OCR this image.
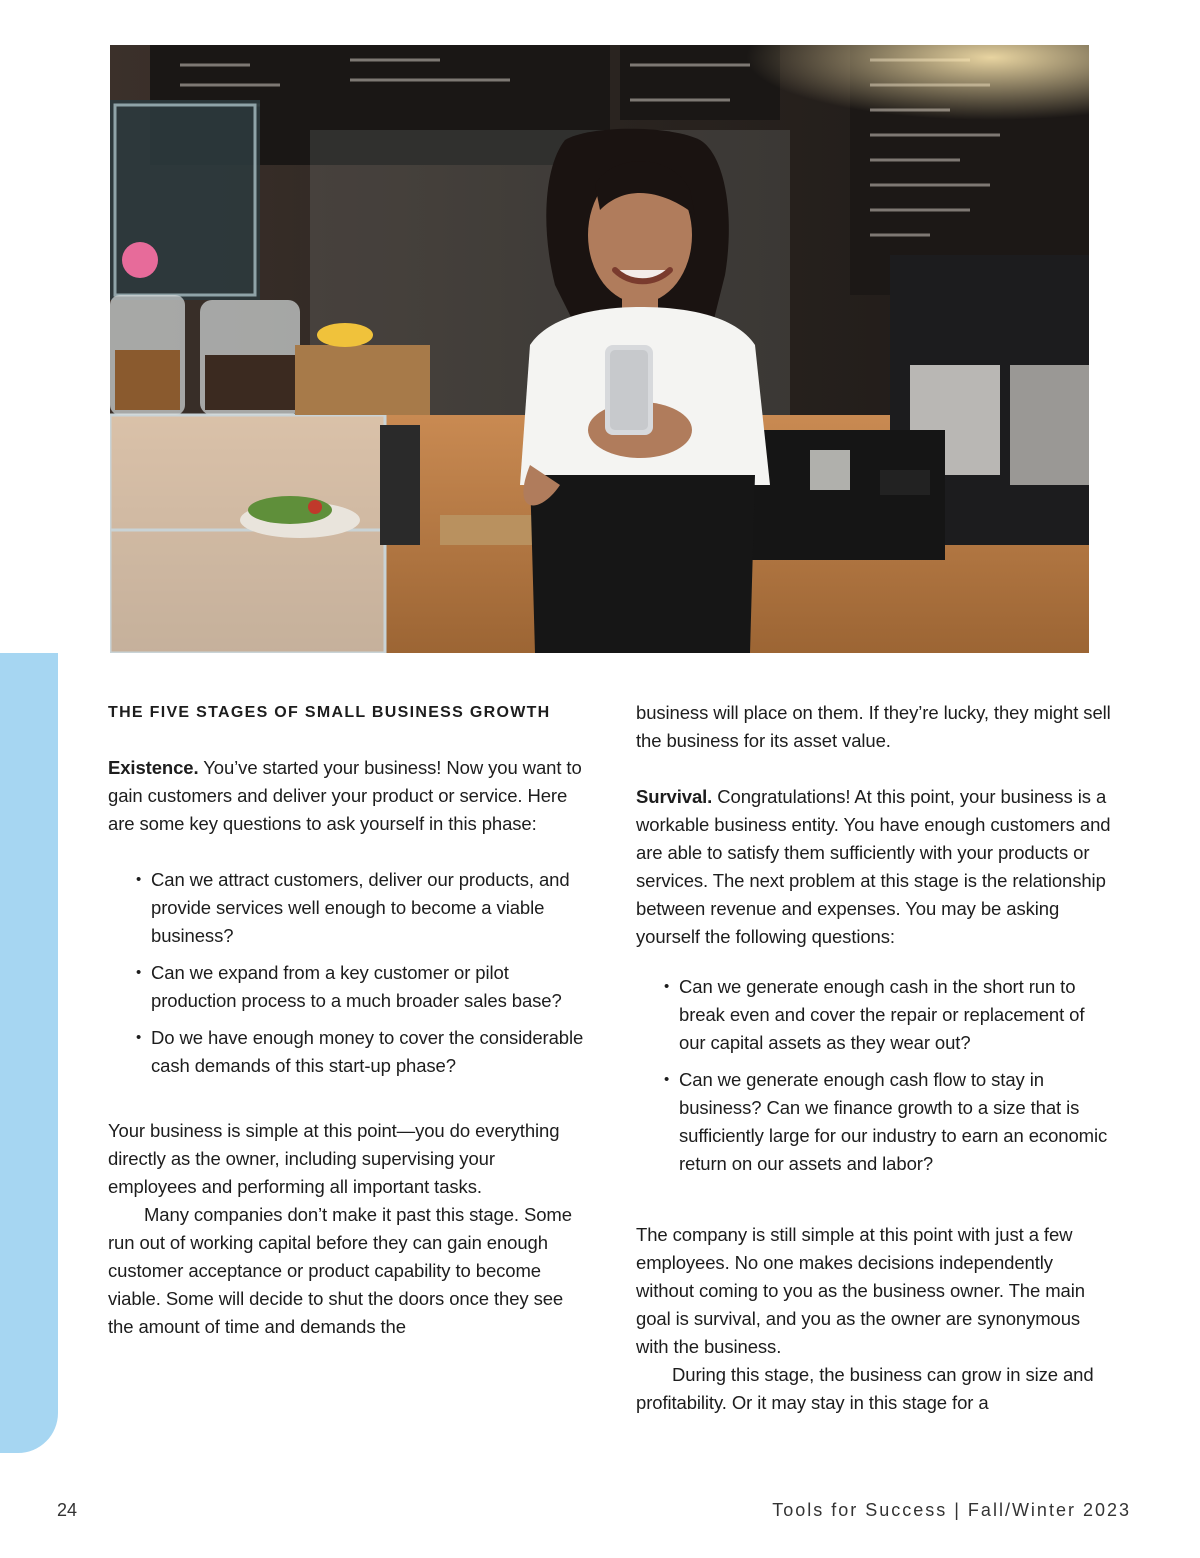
THE FIVE STAGES OF SMALL BUSINESS GROWTH

Existence. You’ve started your business! Now you want to gain customers and deliver your product or service. Here are some key questions to ask yourself in this phase:

• Can we attract customers, deliver our products, and provide services well enough to become a viable business?
• Can we expand from a key customer or pilot production process to a much broader sales base?
• Do we have enough money to cover the considerable cash demands of this start-up phase?

Your business is simple at this point—you do everything directly as the owner, including supervising your employees and performing all important tasks.

Many companies don’t make it past this stage. Some run out of working capital before they can gain enough customer acceptance or product capability to become viable. Some will decide to shut the doors once they see the amount of time and demands the

business will place on them. If they’re lucky, they might sell the business for its asset value.

Survival. Congratulations! At this point, your business is a workable business entity. You have enough customers and are able to satisfy them sufficiently with your products or services. The next problem at this stage is the relationship between revenue and expenses. You may be asking yourself the following questions:

• Can we generate enough cash in the short run to break even and cover the repair or replacement of our capital assets as they wear out?
• Can we generate enough cash flow to stay in business? Can we finance growth to a size that is sufficiently large for our industry to earn an economic return on our assets and labor?

The company is still simple at this point with just a few employees. No one makes decisions independently without coming to you as the business owner. The main goal is survival, and you as the owner are synonymous with the business.

During this stage, the business can grow in size and profitability. Or it may stay in this stage for a

24	Tools for Success | Fall/Winter 2023
